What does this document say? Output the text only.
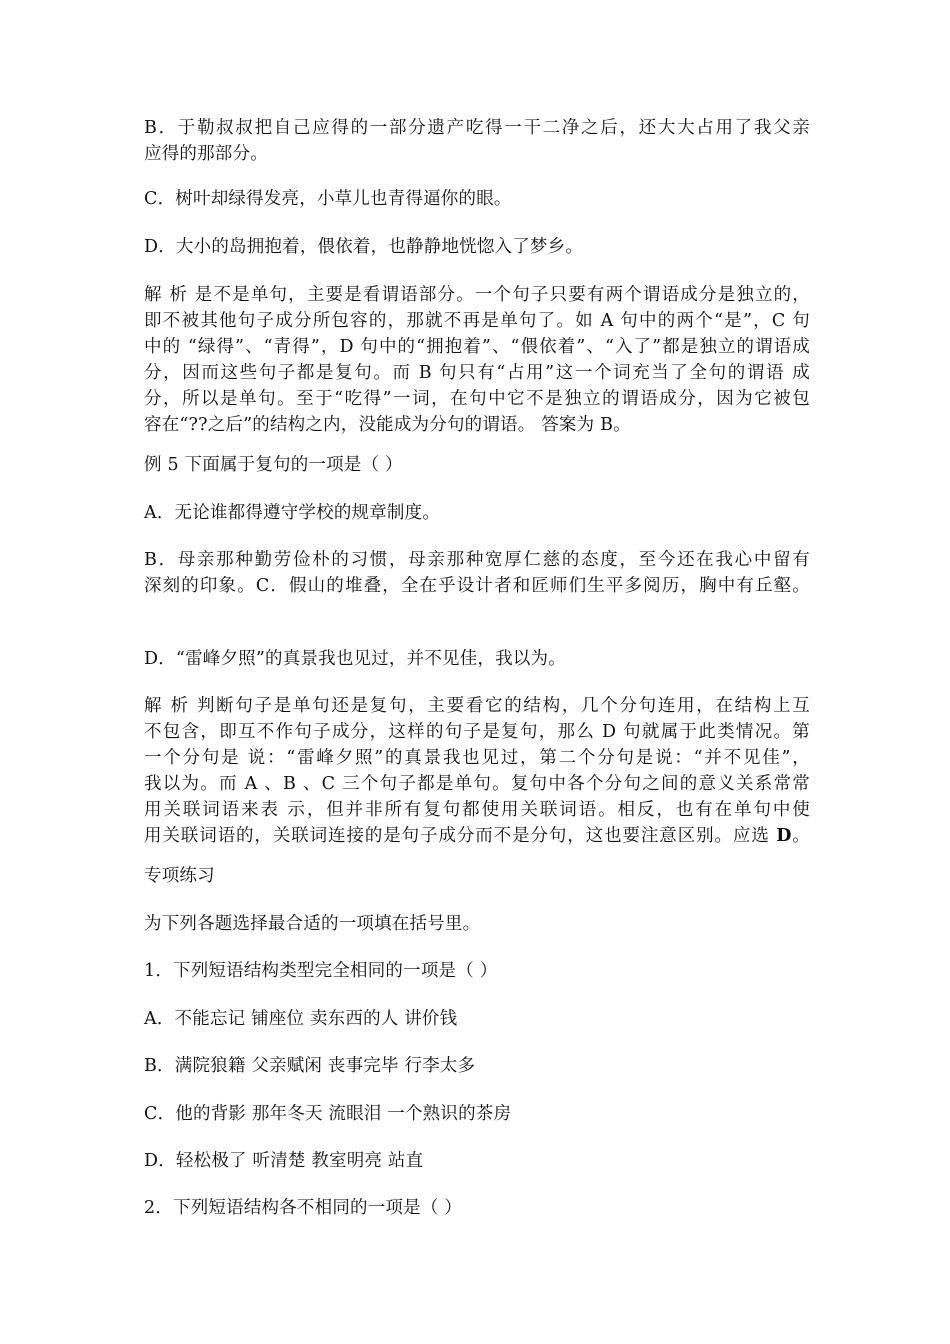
B．于勒叔叔把自己应得的一部分遗产吃得一干二净之后，还大大占用了我父亲
应得的那部分。

C．树叶却绿得发亮，小草儿也青得逼你的眼。

D．大小的岛拥抱着，偎依着，也静静地恍惚入了梦乡。

解 析 是不是单句，主要是看谓语部分。一个句子只要有两个谓语成分是独立的，
即不被其他句子成分所包容的，那就不再是单句了。如 A 句中的两个“是”，C 句
中的 “绿得”、“青得”，D 句中的“拥抱着”、“偎依着”、“入了”都是独立的谓语成
分，因而这些句子都是复句。而 B 句只有“占用”这一个词充当了全句的谓语 成
分，所以是单句。至于“吃得”一词，在句中它不是独立的谓语成分，因为它被包
容在“??之后”的结构之内，没能成为分句的谓语。 答案为 B。

例 5 下面属于复句的一项是（ ）

A．无论谁都得遵守学校的规章制度。

B．母亲那种勤劳俭朴的习惯，母亲那种宽厚仁慈的态度，至今还在我心中留有
深刻的印象。C．假山的堆叠，全在乎设计者和匠师们生平多阅历，胸中有丘壑。

D．“雷峰夕照”的真景我也见过，并不见佳，我以为。

解 析 判断句子是单句还是复句，主要看它的结构，几个分句连用，在结构上互
不包含，即互不作句子成分，这样的句子是复句，那么 D 句就属于此类情况。第
一个分句是 说：“雷峰夕照”的真景我也见过，第二个分句是说：“并不见佳”，
我以为。而 A 、B 、C 三个句子都是单句。复句中各个分句之间的意义关系常常
用关联词语来表 示，但并非所有复句都使用关联词语。相反，也有在单句中使
用关联词语的，关联词连接的是句子成分而不是分句，这也要注意区别。应选 D。

专项练习

为下列各题选择最合适的一项填在括号里。

1．下列短语结构类型完全相同的一项是（ ）

A．不能忘记 铺座位 卖东西的人 讲价钱

B．满院狼籍 父亲赋闲 丧事完毕 行李太多

C．他的背影 那年冬天 流眼泪 一个熟识的茶房

D．轻松极了 听清楚 教室明亮 站直

2．下列短语结构各不相同的一项是（ ）
